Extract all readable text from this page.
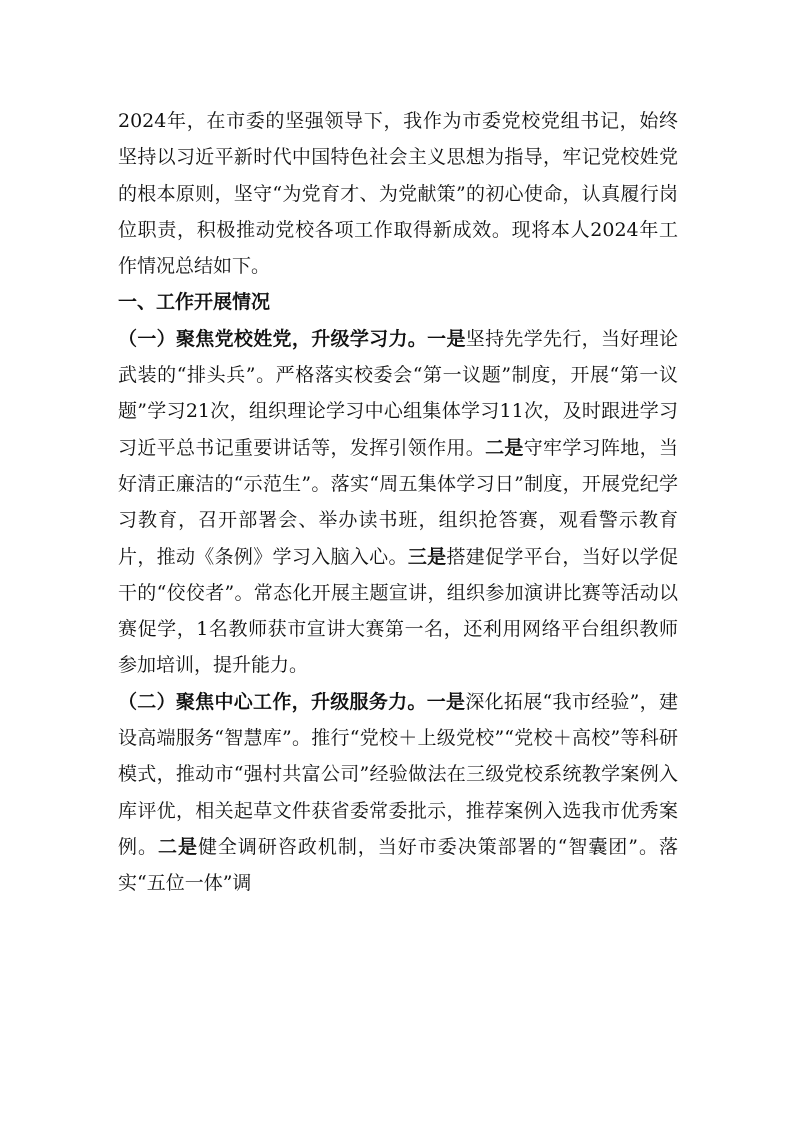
2024年，在市委的坚强领导下，我作为市委党校党组书记，始终坚持以习近平新时代中国特色社会主义思想为指导，牢记党校姓党的根本原则，坚守“为党育才、为党献策”的初心使命，认真履行岗位职责，积极推动党校各项工作取得新成效。现将本人2024年工作情况总结如下。

一、工作开展情况

（一）聚焦党校姓党，升级学习力。一是坚持先学先行，当好理论武装的“排头兵”。严格落实校委会“第一议题”制度，开展“第一议题”学习21次，组织理论学习中心组集体学习11次，及时跟进学习习近平总书记重要讲话等，发挥引领作用。二是守牢学习阵地，当好清正廉洁的“示范生”。落实“周五集体学习日”制度，开展党纪学习教育，召开部署会、举办读书班，组织抢答赛，观看警示教育片，推动《条例》学习入脑入心。三是搭建促学平台，当好以学促干的“佼佼者”。常态化开展主题宣讲，组织参加演讲比赛等活动以赛促学，1名教师获市宣讲大赛第一名，还利用网络平台组织教师参加培训，提升能力。

（二）聚焦中心工作，升级服务力。一是深化拓展“我市经验”，建设高端服务“智慧库”。推行“党校＋上级党校”“党校＋高校”等科研模式，推动市“强村共富公司”经验做法在三级党校系统教学案例入库评优，相关起草文件获省委常委批示，推荐案例入选我市优秀案例。二是健全调研咨政机制，当好市委决策部署的“智囊团”。落实“五位一体”调
